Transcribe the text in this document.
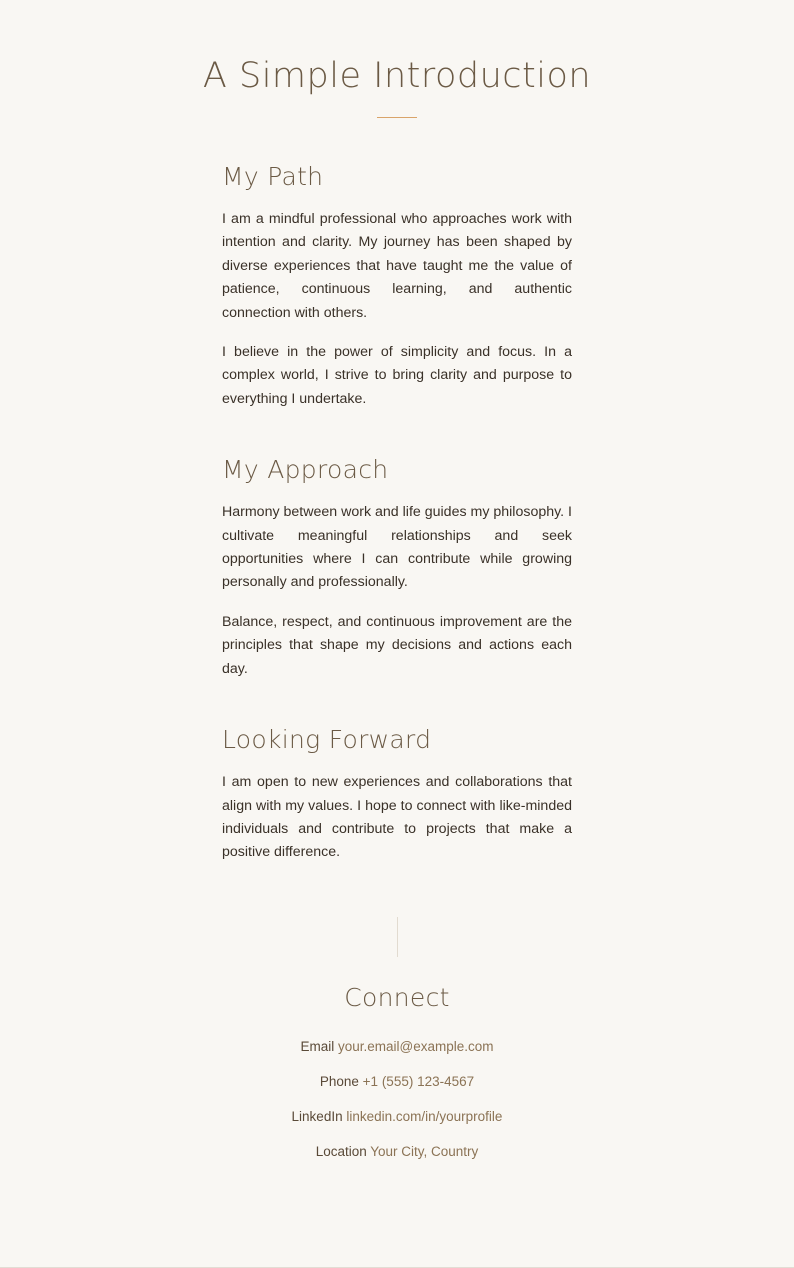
A Simple Introduction
My Path

I am a mindful professional who approaches work with intention and clarity. My journey has been shaped by diverse experiences that have taught me the value of patience, continuous learning, and authentic connection with others.

I believe in the power of simplicity and focus. In a complex world, I strive to bring clarity and purpose to everything I undertake.

My Approach

Harmony between work and life guides my philosophy. I cultivate meaningful relationships and seek opportunities where I can contribute while growing personally and professionally.

Balance, respect, and continuous improvement are the principles that shape my decisions and actions each day.

Looking Forward

I am open to new experiences and collaborations that align with my values. I hope to connect with like-minded individuals and contribute to projects that make a positive difference.

Connect
Email your.email@example.com
Phone +1 (555) 123-4567
LinkedIn linkedin.com/in/yourprofile
Location Your City, Country
